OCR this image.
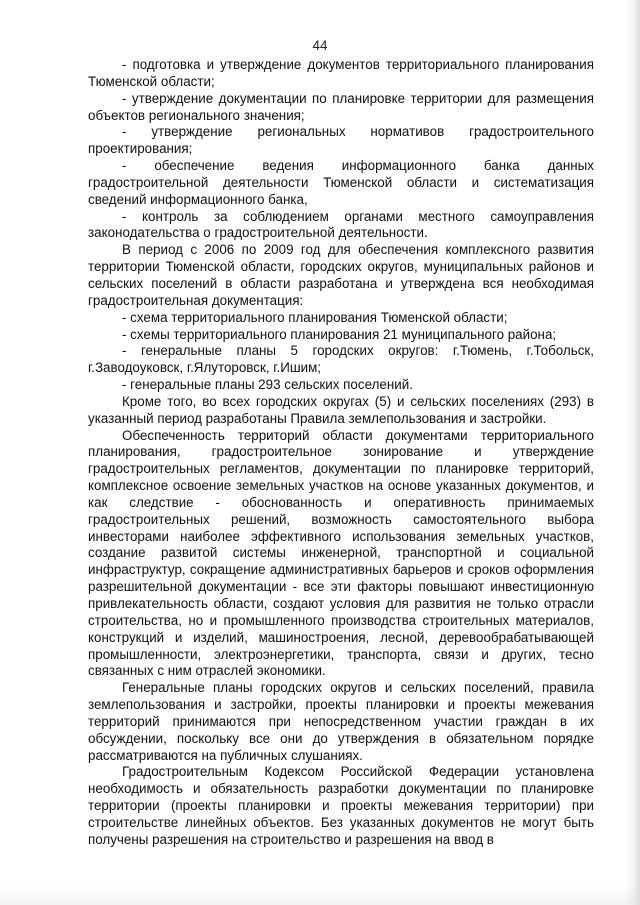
44

- подготовка и утверждение документов территориального планирования Тюменской области;

- утверждение документации по планировке территории для размещения объектов регионального значения;

- утверждение региональных нормативов градостроительного проектирования;

- обеспечение ведения информационного банка данных градостроительной деятельности Тюменской области и систематизация сведений информационного банка,

- контроль за соблюдением органами местного самоуправления законодательства о градостроительной деятельности.

В период с 2006 по 2009 год для обеспечения комплексного развития территории Тюменской области, городских округов, муниципальных районов и сельских поселений в области разработана и утверждена вся необходимая градостроительная документация:

- схема территориального планирования Тюменской области;

- схемы территориального планирования 21 муниципального района;

- генеральные планы 5 городских округов: г.Тюмень, г.Тобольск, г.Заводоуковск, г.Ялуторовск, г.Ишим;

- генеральные планы 293 сельских поселений.

Кроме того, во всех городских округах (5) и сельских поселениях (293) в указанный период разработаны Правила землепользования и застройки.

Обеспеченность территорий области документами территориального планирования, градостроительное зонирование и утверждение градостроительных регламентов, документации по планировке территорий, комплексное освоение земельных участков на основе указанных документов, и как следствие - обоснованность и оперативность принимаемых градостроительных решений, возможность самостоятельного выбора инвесторами наиболее эффективного использования земельных участков, создание развитой системы инженерной, транспортной и социальной инфраструктур, сокращение административных барьеров и сроков оформления разрешительной документации - все эти факторы повышают инвестиционную привлекательность области, создают условия для развития не только отрасли строительства, но и промышленного производства строительных материалов, конструкций и изделий, машиностроения, лесной, деревообрабатывающей промышленности, электроэнергетики, транспорта, связи и других, тесно связанных с ним отраслей экономики.

Генеральные планы городских округов и сельских поселений, правила землепользования и застройки, проекты планировки и проекты межевания территорий принимаются при непосредственном участии граждан в их обсуждении, поскольку все они до утверждения в обязательном порядке рассматриваются на публичных слушаниях.

Градостроительным Кодексом Российской Федерации установлена необходимость и обязательность разработки документации по планировке территории (проекты планировки и проекты межевания территории) при строительстве линейных объектов. Без указанных документов не могут быть получены разрешения на строительство и разрешения на ввод в
